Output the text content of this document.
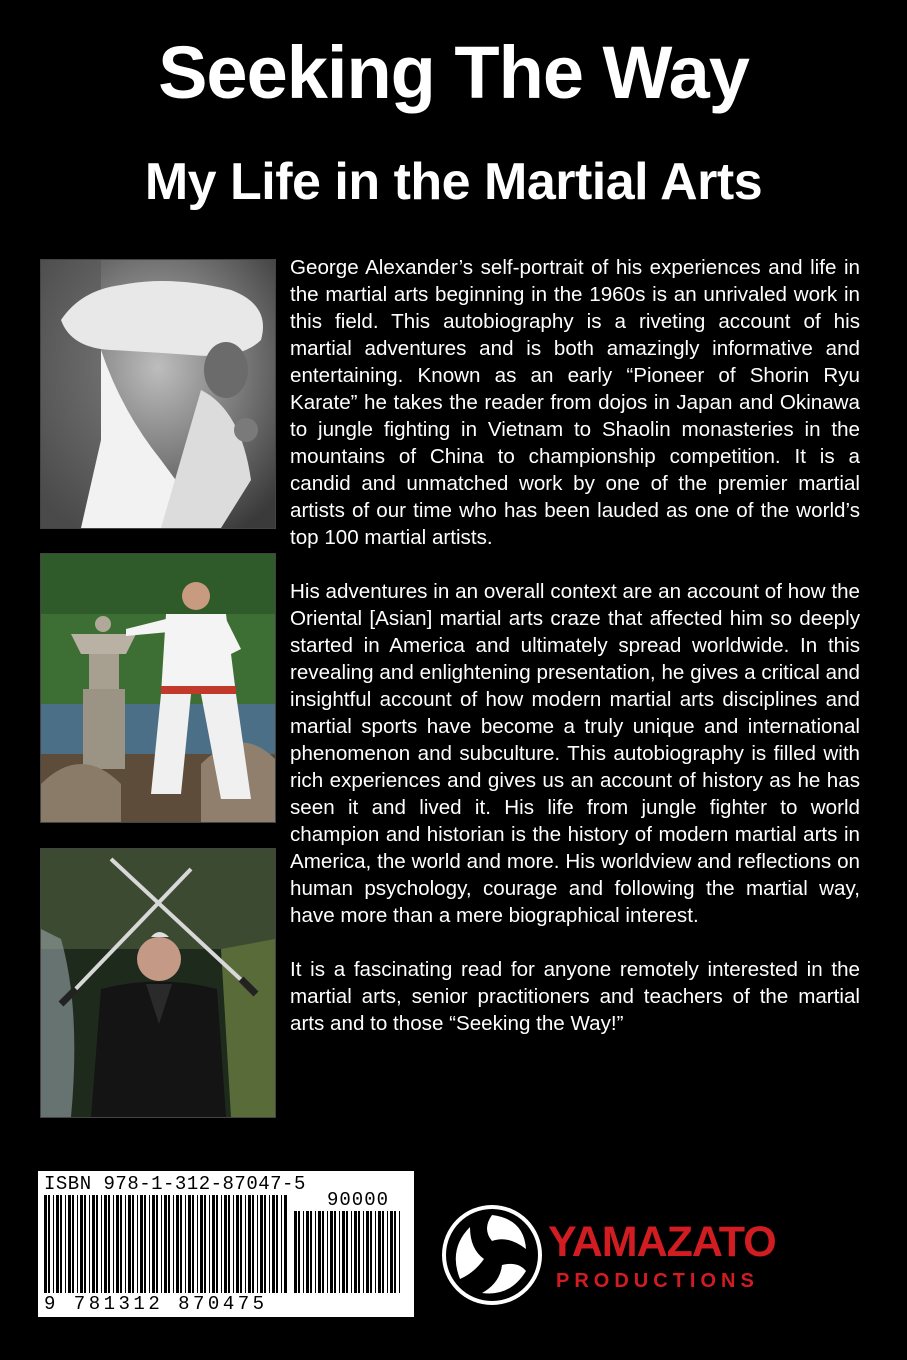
Seeking The Way
My Life in the Martial Arts

George Alexander’s self-portrait of his experiences and life in the martial arts beginning in the 1960s is an unrivaled work in this field. This autobiography is a riveting account of his martial adventures and is both amazingly informative and entertaining. Known as an early “Pioneer of Shorin Ryu Karate” he takes the reader from dojos in Japan and Okinawa to jungle fighting in Vietnam to Shaolin monasteries in the mountains of China to championship competition. It is a candid and unmatched work by one of the premier martial artists of our time who has been lauded as one of the world’s top 100 martial artists.

His adventures in an overall context are an account of how the Oriental [Asian] martial arts craze that affected him so deeply started in America and ultimately spread worldwide. In this revealing and enlightening presentation, he gives a critical and insightful account of how modern martial arts disciplines and martial sports have become a truly unique and international phenomenon and subculture. This autobiography is filled with rich experiences and gives us an account of history as he has seen it and lived it. His life from jungle fighter to world champion and historian is the history of modern martial arts in America, the world and more. His worldview and reflections on human psychology, courage and following the martial way, have more than a mere biographical interest.

It is a fascinating read for anyone remotely interested in the martial arts, senior practitioners and teachers of the martial arts and to those “Seeking the Way!”

ISBN 978-1-312-87047-5
90000
9 781312 870475
YAMAZATO
PRODUCTIONS
